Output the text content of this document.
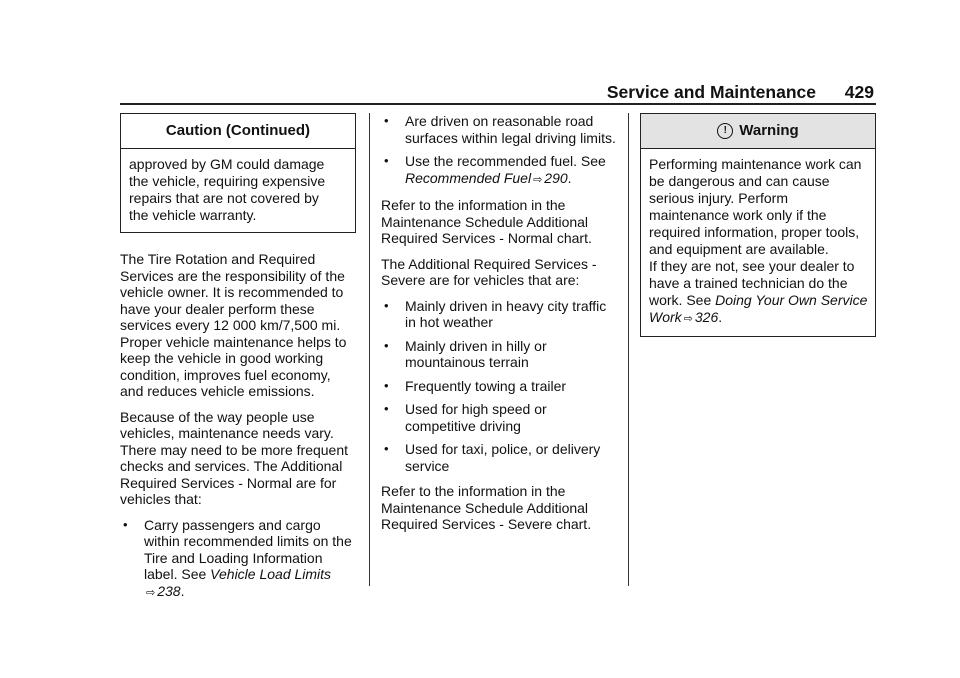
Service and Maintenance 429
Caution (Continued)

approved by GM could damage

the vehicle, requiring expensive

repairs that are not covered by

the vehicle warranty.

The Tire Rotation and Required Services are the responsibility of the vehicle owner. It is recommended to have your dealer perform these services every 12 000 km/7,500 mi. Proper vehicle maintenance helps to keep the vehicle in good working condition, improves fuel economy, and reduces vehicle emissions.

Because of the way people use vehicles, maintenance needs vary. There may need to be more frequent checks and services. The Additional Required Services - Normal are for vehicles that:

• Carry passengers and cargo within recommended limits on the Tire and Loading Information label. See Vehicle Load Limits
⇨ 238.
• Are driven on reasonable road surfaces within legal driving limits.
• Use the recommended fuel. See Recommended Fuel ⇨ 290.

Refer to the information in the Maintenance Schedule Additional Required Services - Normal chart.

The Additional Required Services - Severe are for vehicles that are:

• Mainly driven in heavy city traffic in hot weather
• Mainly driven in hilly or mountainous terrain
• Frequently towing a trailer
• Used for high speed or competitive driving
• Used for taxi, police, or delivery service

Refer to the information in the Maintenance Schedule Additional Required Services - Severe chart.

! Warning

Performing maintenance work can

be dangerous and can cause

serious injury. Perform

maintenance work only if the

required information, proper tools,

and equipment are available.

If they are not, see your dealer to

have a trained technician do the

work. See Doing Your Own Service Work ⇨ 326.
